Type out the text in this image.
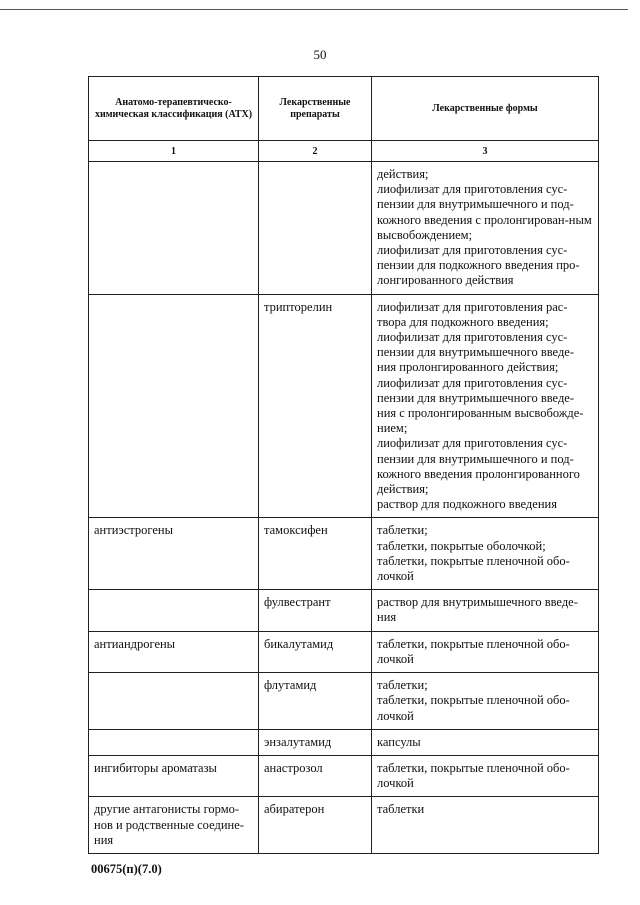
50
Анатомо-терапевтическо-химическая классификация (АТХ)	Лекарственные препараты	Лекарственные формы
1	2	3

		действия;
лиофилизат для приготовления сус-пензии для внутримышечного и под-кожного введения с пролонгирован-ным высвобождением;
лиофилизат для приготовления сус-пензии для подкожного введения про-лонгированного действия

	трипторелин	лиофилизат для приготовления рас-твора для подкожного введения;
лиофилизат для приготовления сус-пензии для внутримышечного введе-ния пролонгированного действия;
лиофилизат для приготовления сус-пензии для внутримышечного введе-ния с пролонгированным высвобожде-нием;
лиофилизат для приготовления сус-пензии для внутримышечного и под-кожного введения пролонгированного действия;
раствор для подкожного введения

антиэстрогены	тамоксифен	таблетки;
таблетки, покрытые оболочкой;
таблетки, покрытые пленочной обо-лочкой

	фулвестрант	раствор для внутримышечного введе-ния

антиандрогены	бикалутамид	таблетки, покрытые пленочной обо-лочкой

	флутамид	таблетки;
таблетки, покрытые пленочной обо-лочкой

	энзалутамид	капсулы

ингибиторы ароматазы	анастрозол	таблетки, покрытые пленочной обо-лочкой

другие антагонисты гормо-нов и родственные соедине-ния	абиратерон	таблетки
00675(п)(7.0)
